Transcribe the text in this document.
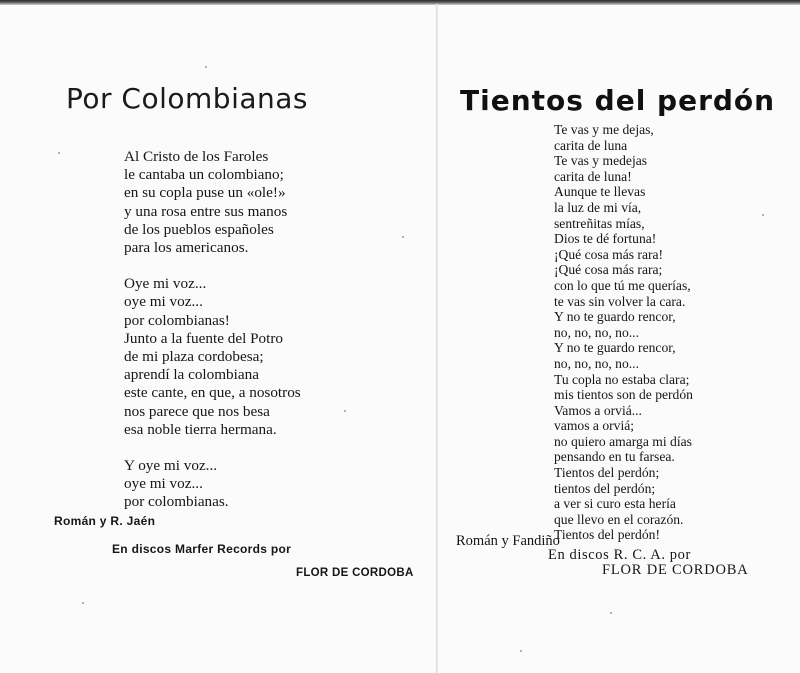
Por Colombianas
Al Cristo de los Faroles
le cantaba un colombiano;
en su copla puse un «ole!»
y una rosa entre sus manos
de los pueblos españoles
para los americanos.
Oye mi voz...
oye mi voz...
por colombianas!
Junto a la fuente del Potro
de mi plaza cordobesa;
aprendí la colombiana
este cante, en que, a nosotros
nos parece que nos besa
esa noble tierra hermana.
Y oye mi voz...
oye mi voz...
por colombianas.
Román y R. Jaén
En discos Marfer Records por
FLOR DE CORDOBA
Tientos del perdón
Te vas y me dejas,
carita de luna
Te vas y medejas
carita de luna!
Aunque te llevas
la luz de mi vía,
sentreñitas mías,
Dios te dé fortuna!
¡Qué cosa más rara!
¡Qué cosa más rara;
con lo que tú me querías,
te vas sin volver la cara.
Y no te guardo rencor,
no, no, no, no...
Y no te guardo rencor,
no, no, no, no...
Tu copla no estaba clara;
mis tientos son de perdón
Vamos a orviá...
vamos a orviá;
no quiero amarga mi días
pensando en tu farsea.
Tientos del perdón;
tientos del perdón;
a ver si curo esta hería
que llevo en el corazón.
Tientos del perdón!
Román y Fandiño
En discos R. C. A. por
FLOR DE CORDOBA
